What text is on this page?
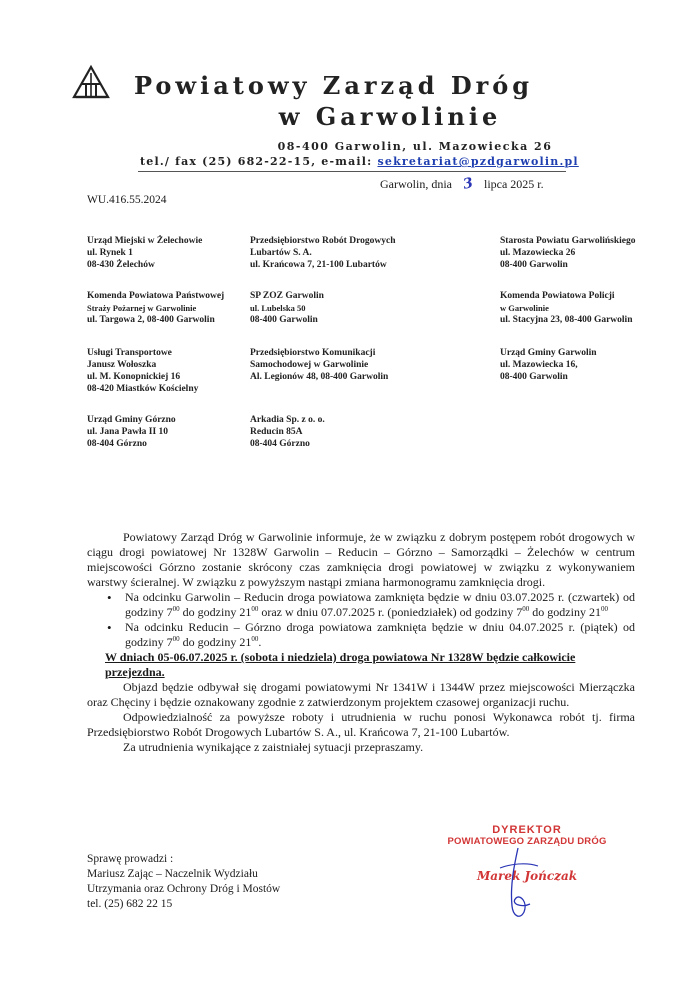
Powiatowy Zarząd Dróg
w Garwolinie
08-400 Garwolin, ul. Mazowiecka 26
tel./ fax (25) 682-22-15, e-mail: sekretariat@pzdgarwolin.pl
Garwolin, dnia 3 lipca 2025 r.
WU.416.55.2024
Urząd Miejski w Żelechowie
ul. Rynek 1
08-430 Żelechów
Przedsiębiorstwo Robót Drogowych
Lubartów S. A.
ul. Krańcowa 7, 21-100 Lubartów
Starosta Powiatu Garwolińskiego
ul. Mazowiecka 26
08-400 Garwolin
Komenda Powiatowa Państwowej
Straży Pożarnej w Garwolinie
ul. Targowa 2, 08-400 Garwolin
SP ZOZ Garwolin
ul. Lubelska 50
08-400 Garwolin
Komenda Powiatowa Policji
w Garwolinie
ul. Stacyjna 23, 08-400 Garwolin
Usługi Transportowe
Janusz Wołoszka
ul. M. Konopnickiej 16
08-420 Miastków Kościelny
Przedsiębiorstwo Komunikacji
Samochodowej w Garwolinie
Al. Legionów 48, 08-400 Garwolin
Urząd Gminy Garwolin
ul. Mazowiecka 16,
08-400 Garwolin
Urząd Gminy Górzno
ul. Jana Pawła II 10
08-404 Górzno
Arkadia Sp. z o. o.
Reducin 85A
08-404 Górzno

Powiatowy Zarząd Dróg w Garwolinie informuje, że w związku z dobrym postępem robót drogowych w ciągu drogi powiatowej Nr 1328W Garwolin – Reducin – Górzno – Samorządki – Żelechów w centrum miejscowości Górzno zostanie skrócony czas zamknięcia drogi powiatowej w związku z wykonywaniem warstwy ścieralnej. W związku z powyższym nastąpi zmiana harmonogramu zamknięcia drogi.

• Na odcinku Garwolin – Reducin droga powiatowa zamknięta będzie w dniu 03.07.2025 r. (czwartek) od godziny $7^{00}$ do godziny $21^{00}$ oraz w dniu 07.07.2025 r. (poniedziałek) od godziny $7^{00}$ do godziny $21^{00}$
• Na odcinku Reducin – Górzno droga powiatowa zamknięta będzie w dniu 04.07.2025 r. (piątek) od godziny $7^{00}$ do godziny $21^{00}$.

W dniach 05-06.07.2025 r. (sobota i niedziela) droga powiatowa Nr 1328W będzie całkowicie przejezdna.

Objazd będzie odbywał się drogami powiatowymi Nr 1341W i 1344W przez miejscowości Mierzączka oraz Chęciny i będzie oznakowany zgodnie z zatwierdzonym projektem czasowej organizacji ruchu.

Odpowiedzialność za powyższe roboty i utrudnienia w ruchu ponosi Wykonawca robót tj. firma Przedsiębiorstwo Robót Drogowych Lubartów S. A., ul. Krańcowa 7, 21-100 Lubartów.

Za utrudnienia wynikające z zaistniałej sytuacji przepraszamy.

DYREKTOR
POWIATOWEGO ZARZĄDU DRÓG
Marek Jończak
Sprawę prowadzi :
Mariusz Zając – Naczelnik Wydziału
Utrzymania oraz Ochrony Dróg i Mostów
tel. (25) 682 22 15
